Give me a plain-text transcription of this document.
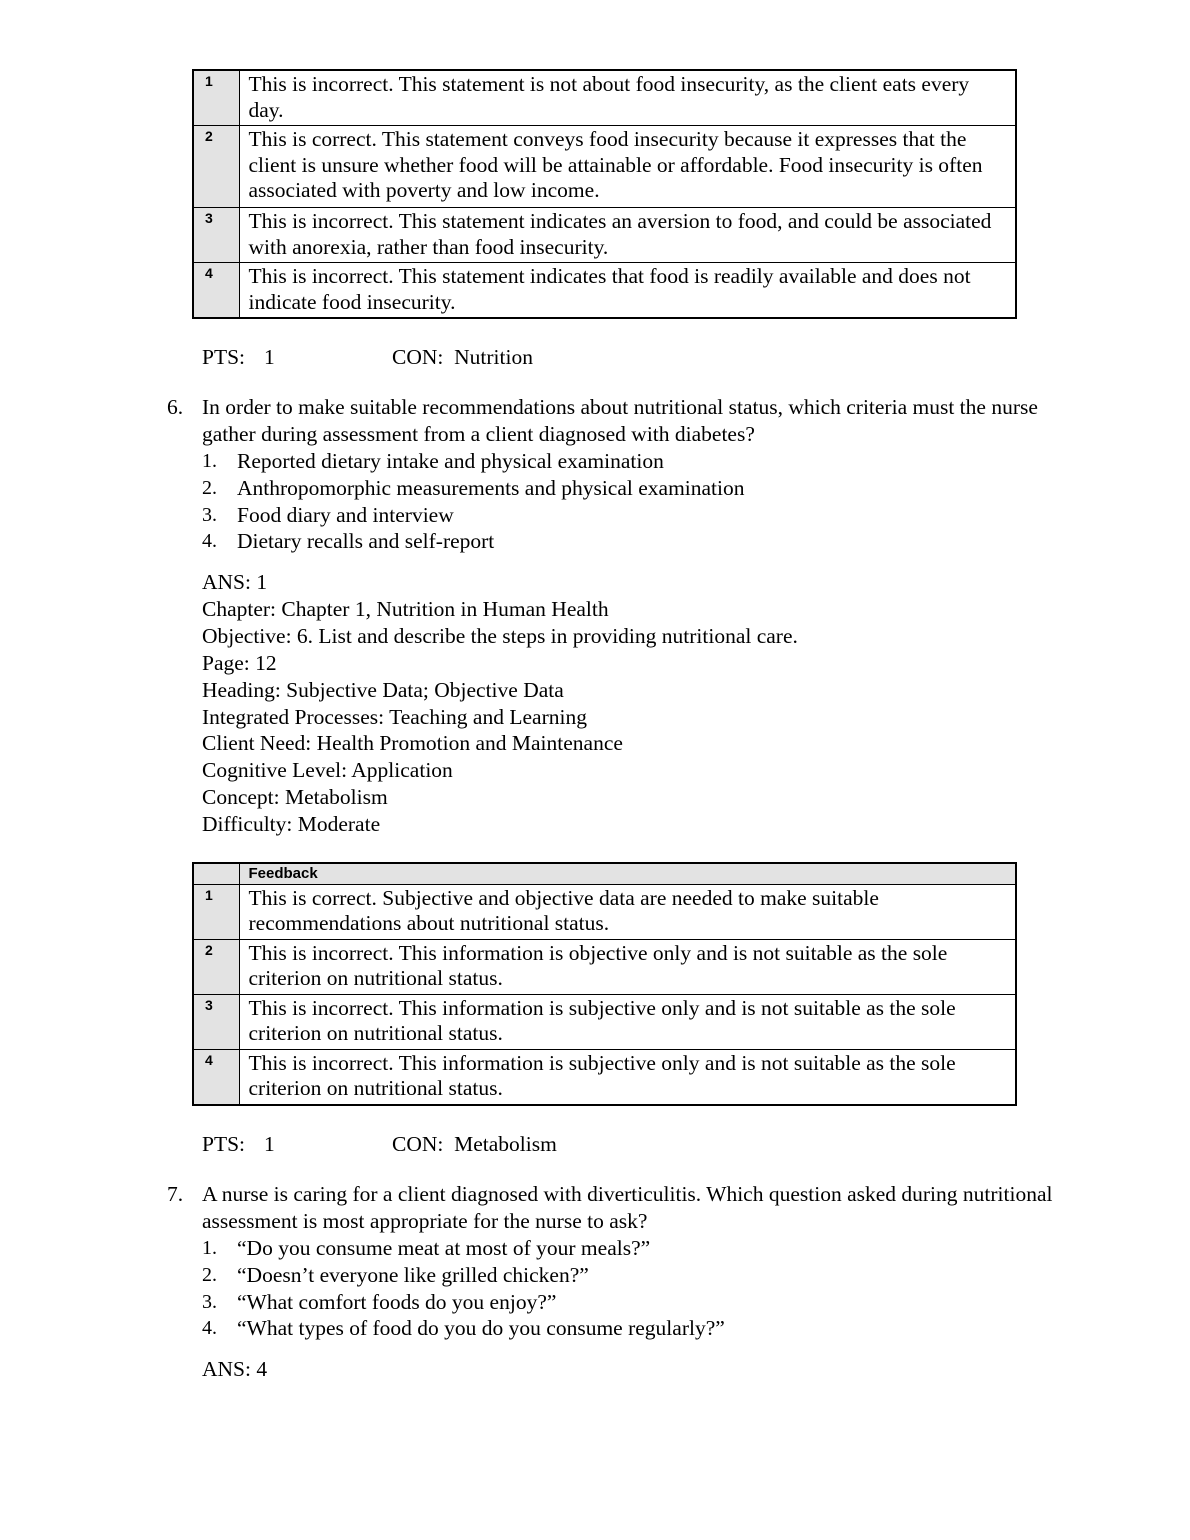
1	This is incorrect. This statement is not about food insecurity, as the client eats every day.
2	This is correct. This statement conveys food insecurity because it expresses that the client is unsure whether food will be attainable or affordable. Food insecurity is often associated with poverty and low income.
3	This is incorrect. This statement indicates an aversion to food, and could be associated with anorexia, rather than food insecurity.
4	This is incorrect. This statement indicates that food is readily available and does not indicate food insecurity.
PTS: 1	CON: Nutrition
6. In order to make suitable recommendations about nutritional status, which criteria must the nurse gather during assessment from a client diagnosed with diabetes?
1. Reported dietary intake and physical examination
2. Anthropomorphic measurements and physical examination
3. Food diary and interview
4. Dietary recalls and self-report
ANS: 1
Chapter: Chapter 1, Nutrition in Human Health
Objective: 6. List and describe the steps in providing nutritional care.
Page: 12
Heading: Subjective Data; Objective Data
Integrated Processes: Teaching and Learning
Client Need: Health Promotion and Maintenance
Cognitive Level: Application
Concept: Metabolism
Difficulty: Moderate
	Feedback
1	This is correct. Subjective and objective data are needed to make suitable recommendations about nutritional status.
2	This is incorrect. This information is objective only and is not suitable as the sole criterion on nutritional status.
3	This is incorrect. This information is subjective only and is not suitable as the sole criterion on nutritional status.
4	This is incorrect. This information is subjective only and is not suitable as the sole criterion on nutritional status.
PTS: 1	CON: Metabolism
7. A nurse is caring for a client diagnosed with diverticulitis. Which question asked during nutritional assessment is most appropriate for the nurse to ask?
1. “Do you consume meat at most of your meals?”
2. “Doesn’t everyone like grilled chicken?”
3. “What comfort foods do you enjoy?”
4. “What types of food do you do you consume regularly?”
ANS: 4
